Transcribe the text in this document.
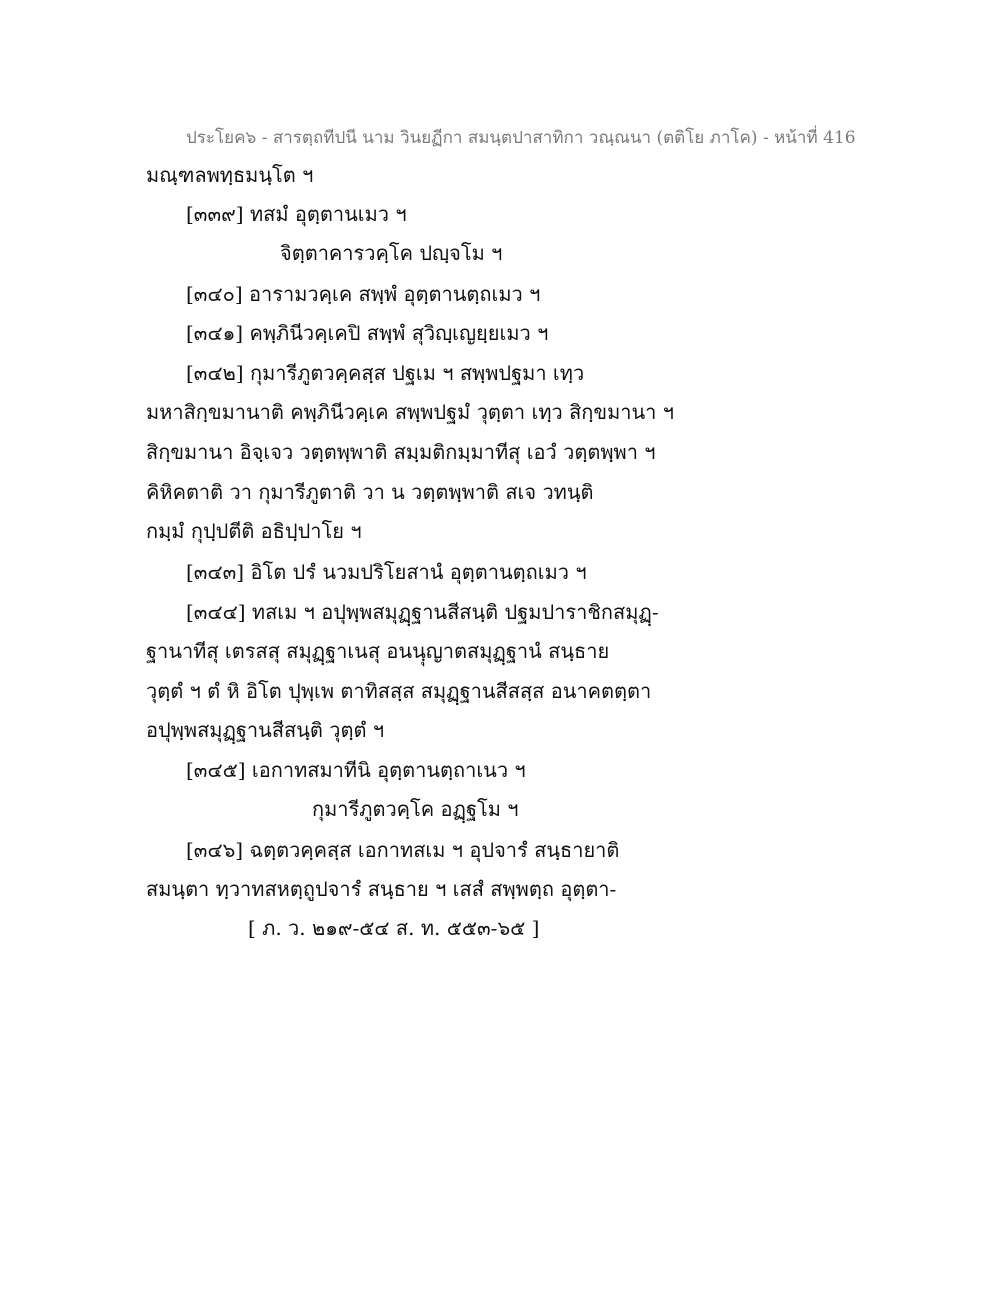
ประโยค๖ - สารตฺถทีปนี นาม วินยฏีกา สมนฺตปาสาทิกา วณฺณนา (ตติโย ภาโค) - หน้าที่ 416
มณฺฑลพทฺธมนฺโต ฯ
[๓๓๙] ทสมํ อุตฺตานเมว ฯ
จิตฺตาคารวคฺโค ปญฺจโม ฯ
[๓๔๐] อารามวคฺเค สพฺพํ อุตฺตานตฺถเมว ฯ
[๓๔๑] คพฺภินีวคฺเคปิ สพฺพํ สุวิญฺเญยฺยเมว ฯ
[๓๔๒] กุมารีภูตวคฺคสฺส ปฐเม ฯ สพฺพปฐมา เทฺว
มหาสิกฺขมานาติ คพฺภินีวคฺเค สพฺพปฐมํ วุตฺตา เทฺว สิกฺขมานา ฯ
สิกฺขมานา อิจฺเจว วตฺตพฺพาติ สมฺมติกมฺมาทีสุ เอวํ วตฺตพฺพา ฯ
คิหิคตาติ วา กุมารีภูตาติ วา น วตฺตพฺพาติ สเจ วทนฺติ
กมฺมํ กุปฺปตีติ อธิปฺปาโย ฯ
[๓๔๓] อิโต ปรํ นวมปริโยสานํ อุตฺตานตฺถเมว ฯ
[๓๔๔] ทสเม ฯ อปุพฺพสมุฏฺฐานสีสนฺติ ปฐมปาราชิกสมุฏฺ-
ฐานาทีสุ เตรสสุ สมุฏฺฐาเนสุ อนนฺุญาตสมุฏฺฐานํ สนฺธาย
วุตฺตํ ฯ ตํ หิ อิโต ปุพฺเพ ตาทิสสฺส สมุฏฺฐานสีสสฺส อนาคตตฺตา
อปุพฺพสมุฏฺฐานสีสนฺติ วุตฺตํ ฯ
[๓๔๕] เอกาทสมาทีนิ อุตฺตานตฺถาเนว ฯ
กุมารีภูตวคฺโค อฏฺฐโม ฯ
[๓๔๖] ฉตฺตวคฺคสฺส เอกาทสเม ฯ อุปจารํ สนฺธายาติ
สมนฺตา ทฺวาทสหตฺถูปจารํ สนฺธาย ฯ เสสํ สพฺพตฺถ อุตฺตา-
[ ภ. ว. ๒๑๙-๕๔ ส. ท. ๕๕๓-๖๕ ]
